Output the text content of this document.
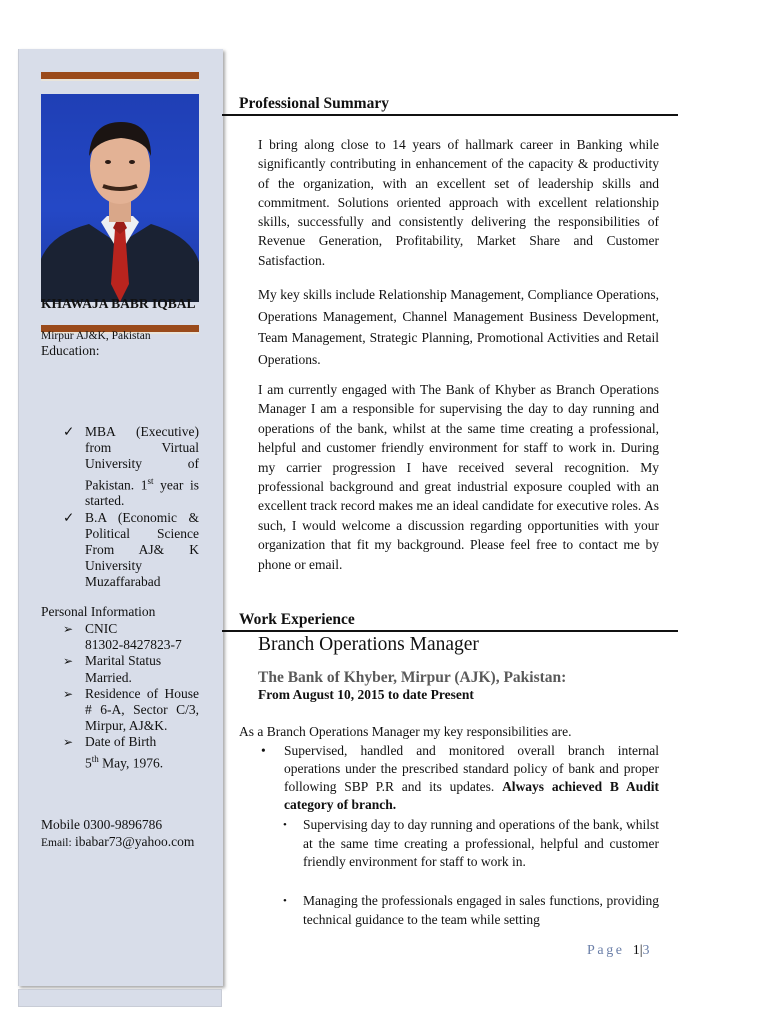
KHAWAJA BABR IQBAL
Mirpur AJ&K, Pakistan
Education:
✓ MBA (Executive) from Virtual University of Pakistan. 1st year is started.
✓ B.A (Economic & Political Science From AJ& K University Muzaffarabad
Personal Information
➢ CNIC
81302-8427823-7
➢ Marital Status
Married.
➢ Residence of House # 6-A, Sector C/3, Mirpur, AJ&K.
➢ Date of Birth
5th May, 1976.
Mobile 0300-9896786
Email: ibabar73@yahoo.com
Professional Summary
I bring along close to 14 years of hallmark career in Banking while significantly contributing in enhancement of the capacity & productivity of the organization, with an excellent set of leadership skills and commitment. Solutions oriented approach with excellent relationship skills, successfully and consistently delivering the responsibilities of Revenue Generation, Profitability, Market Share and Customer Satisfaction.
My key skills include Relationship Management, Compliance Operations, Operations Management, Channel Management Business Development, Team Management, Strategic Planning, Promotional Activities and Retail Operations.
I am currently engaged with The Bank of Khyber as Branch Operations Manager I am a responsible for supervising the day to day running and operations of the bank, whilst at the same time creating a professional, helpful and customer friendly environment for staff to work in. During my carrier progression I have received several recognition. My professional background and great industrial exposure coupled with an excellent track record makes me an ideal candidate for executive roles. As such, I would welcome a discussion regarding opportunities with your organization that fit my background. Please feel free to contact me by phone or email.
Work Experience
Branch Operations Manager
The Bank of Khyber, Mirpur (AJK), Pakistan:
From August 10, 2015 to date Present
As a Branch Operations Manager my key responsibilities are.
• Supervised, handled and monitored overall branch internal operations under the prescribed standard policy of bank and proper following SBP P.R and its updates. Always achieved B Audit category of branch.
• Supervising day to day running and operations of the bank, whilst at the same time creating a professional, helpful and customer friendly environment for staff to work in.
• Managing the professionals engaged in sales functions, providing technical guidance to the team while setting
Page 1|3
